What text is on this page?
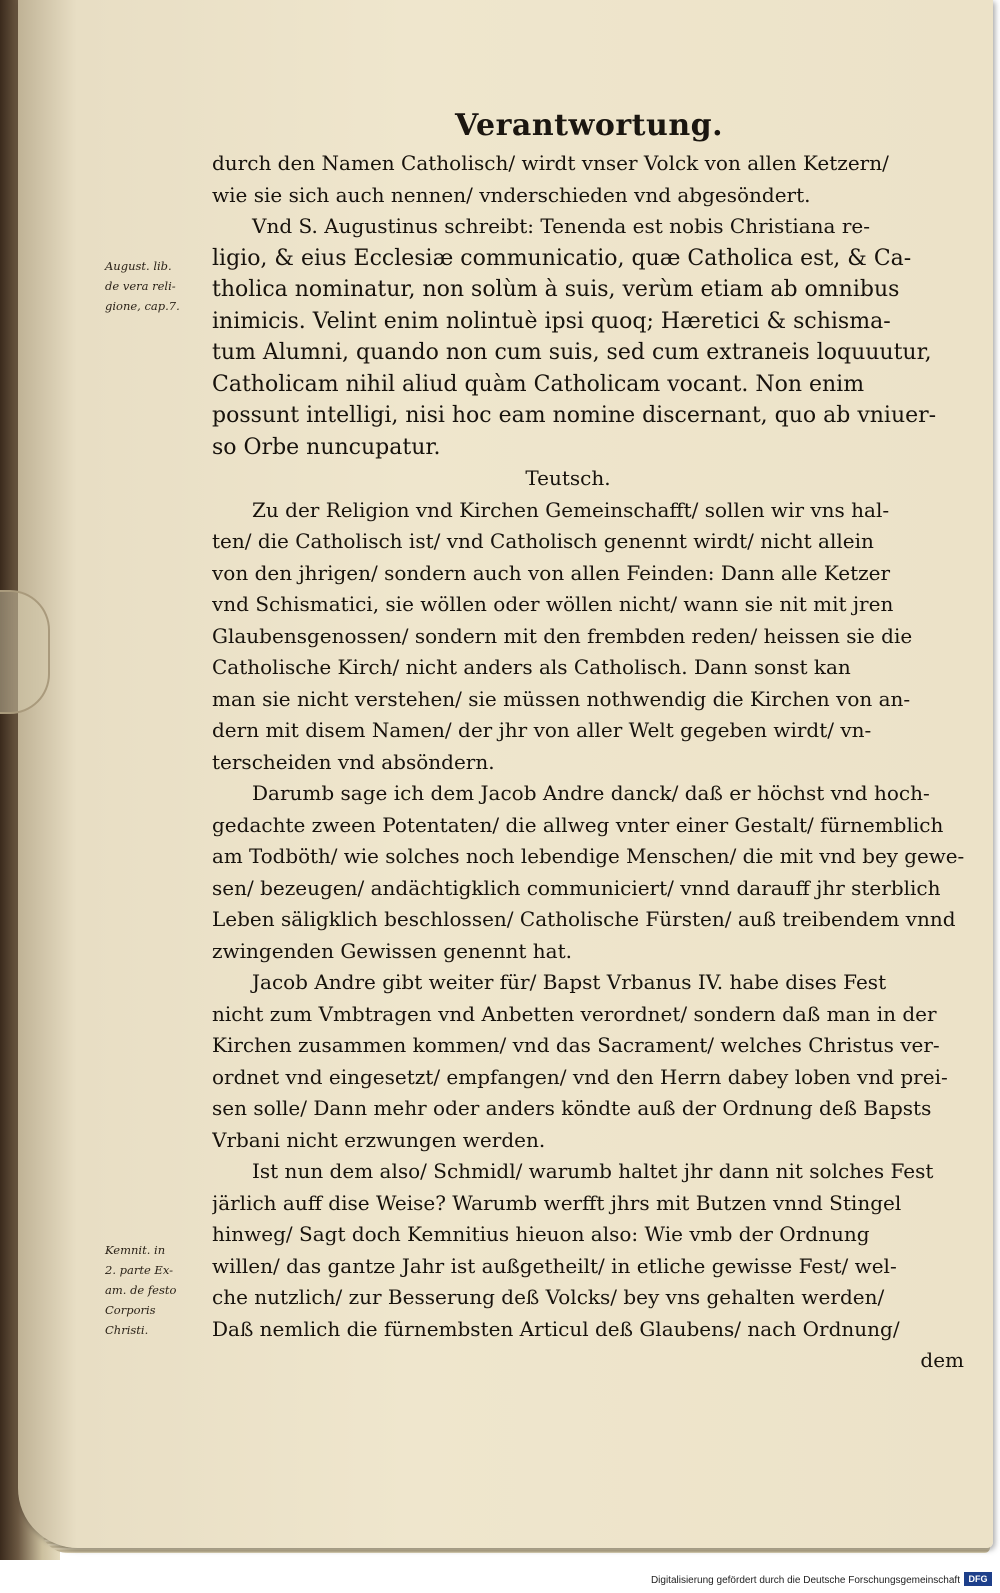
Verantwortung.
August. lib.
de vera reli-
gione, cap.7.
Kemnit. in
2. parte Ex-
am. de festo
Corporis
Christi.
durch den Namen Catholisch/ wirdt vnser Volck von allen Ketzern/
wie sie sich auch nennen/ vnderschieden vnd abgesöndert.
Vnd S. Augustinus schreibt: Tenenda est nobis Christiana re-
ligio, & eius Ecclesiæ communicatio, quæ Catholica est, & Ca-
tholica nominatur, non solùm à suis, verùm etiam ab omnibus
inimicis. Velint enim nolintuè ipsi quoq; Hæretici & schisma-
tum Alumni, quando non cum suis, sed cum extraneis loquuutur,
Catholicam nihil aliud quàm Catholicam vocant. Non enim
possunt intelligi, nisi hoc eam nomine discernant, quo ab vniuer-
so Orbe nuncupatur.
Teutsch.
Zu der Religion vnd Kirchen Gemeinschafft/ sollen wir vns hal-
ten/ die Catholisch ist/ vnd Catholisch genennt wirdt/ nicht allein
von den jhrigen/ sondern auch von allen Feinden: Dann alle Ketzer
vnd Schismatici, sie wöllen oder wöllen nicht/ wann sie nit mit jren
Glaubensgenossen/ sondern mit den frembden reden/ heissen sie die
Catholische Kirch/ nicht anders als Catholisch. Dann sonst kan
man sie nicht verstehen/ sie müssen nothwendig die Kirchen von an-
dern mit disem Namen/ der jhr von aller Welt gegeben wirdt/ vn-
terscheiden vnd absöndern.
Darumb sage ich dem Jacob Andre danck/ daß er höchst vnd hoch-
gedachte zween Potentaten/ die allweg vnter einer Gestalt/ fürnemblich
am Todböth/ wie solches noch lebendige Menschen/ die mit vnd bey gewe-
sen/ bezeugen/ andächtigklich communiciert/ vnnd darauff jhr sterblich
Leben säligklich beschlossen/ Catholische Fürsten/ auß treibendem vnnd
zwingenden Gewissen genennt hat.
Jacob Andre gibt weiter für/ Bapst Vrbanus IV. habe dises Fest
nicht zum Vmbtragen vnd Anbetten verordnet/ sondern daß man in der
Kirchen zusammen kommen/ vnd das Sacrament/ welches Christus ver-
ordnet vnd eingesetzt/ empfangen/ vnd den Herrn dabey loben vnd prei-
sen solle/ Dann mehr oder anders köndte auß der Ordnung deß Bapsts
Vrbani nicht erzwungen werden.
Ist nun dem also/ Schmidl/ warumb haltet jhr dann nit solches Fest
järlich auff dise Weise? Warumb werfft jhrs mit Butzen vnnd Stingel
hinweg/ Sagt doch Kemnitius hieuon also: Wie vmb der Ordnung
willen/ das gantze Jahr ist außgetheilt/ in etliche gewisse Fest/ wel-
che nutzlich/ zur Besserung deß Volcks/ bey vns gehalten werden/
Daß nemlich die fürnembsten Articul deß Glaubens/ nach Ordnung/
dem
Digitalisierung gefördert durch die Deutsche Forschungsgemeinschaft DFG
